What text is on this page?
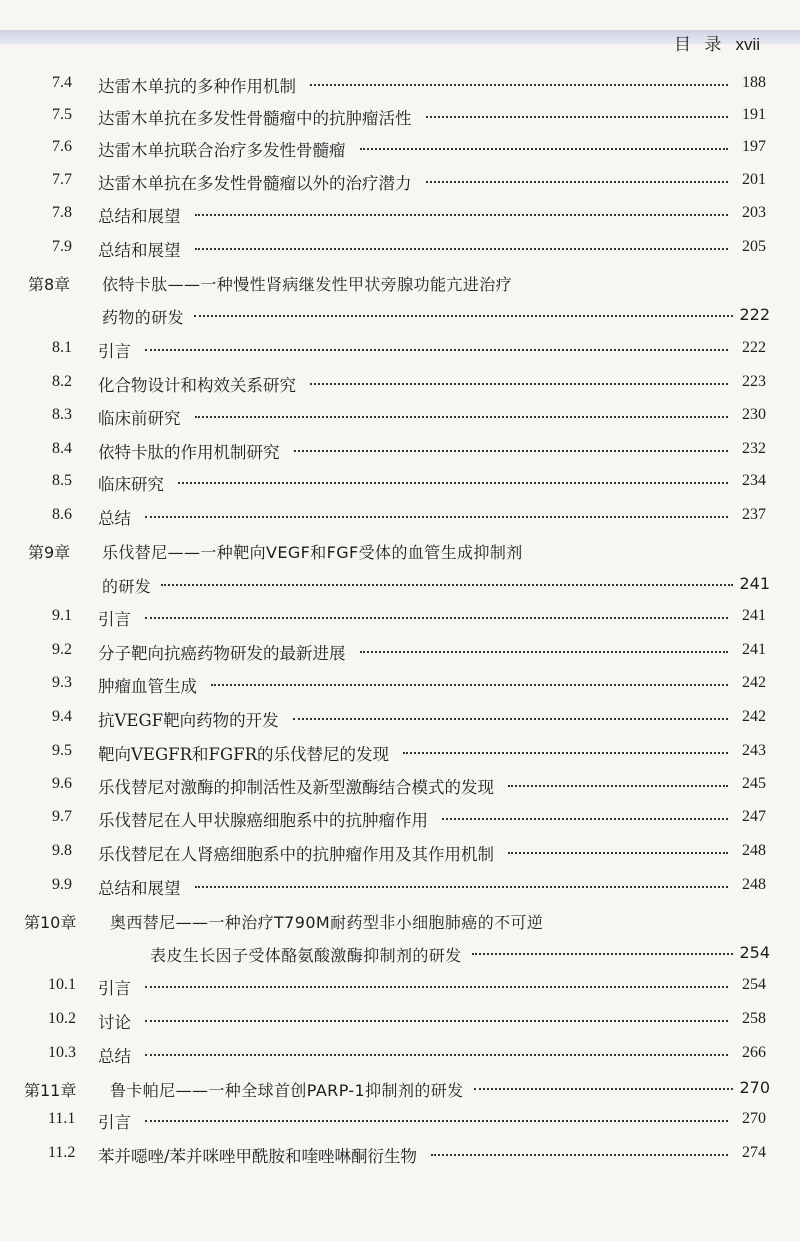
目 录 xvii
7.4 达雷木单抗的多种作用机制	188
7.5 达雷木单抗在多发性骨髓瘤中的抗肿瘤活性	191
7.6 达雷木单抗联合治疗多发性骨髓瘤	197
7.7 达雷木单抗在多发性骨髓瘤以外的治疗潜力	201
7.8 总结和展望	203
7.9 总结和展望	205
第8章 依特卡肽——一种慢性肾病继发性甲状旁腺功能亢进治疗
药物的研发	222
8.1 引言	222
8.2 化合物设计和构效关系研究	223
8.3 临床前研究	230
8.4 依特卡肽的作用机制研究	232
8.5 临床研究	234
8.6 总结	237
第9章 乐伐替尼——一种靶向VEGF和FGF受体的血管生成抑制剂
的研发	241
9.1 引言	241
9.2 分子靶向抗癌药物研发的最新进展	241
9.3 肿瘤血管生成	242
9.4 抗VEGF靶向药物的开发	242
9.5 靶向VEGFR和FGFR的乐伐替尼的发现	243
9.6 乐伐替尼对激酶的抑制活性及新型激酶结合模式的发现	245
9.7 乐伐替尼在人甲状腺癌细胞系中的抗肿瘤作用	247
9.8 乐伐替尼在人肾癌细胞系中的抗肿瘤作用及其作用机制	248
9.9 总结和展望	248
第10章 奥西替尼——一种治疗T790M耐药型非小细胞肺癌的不可逆
表皮生长因子受体酪氨酸激酶抑制剂的研发	254
10.1 引言	254
10.2 讨论	258
10.3 总结	266
第11章 鲁卡帕尼——一种全球首创PARP-1抑制剂的研发	270
11.1 引言	270
11.2 苯并噁唑/苯并咪唑甲酰胺和喹唑啉酮衍生物	274
